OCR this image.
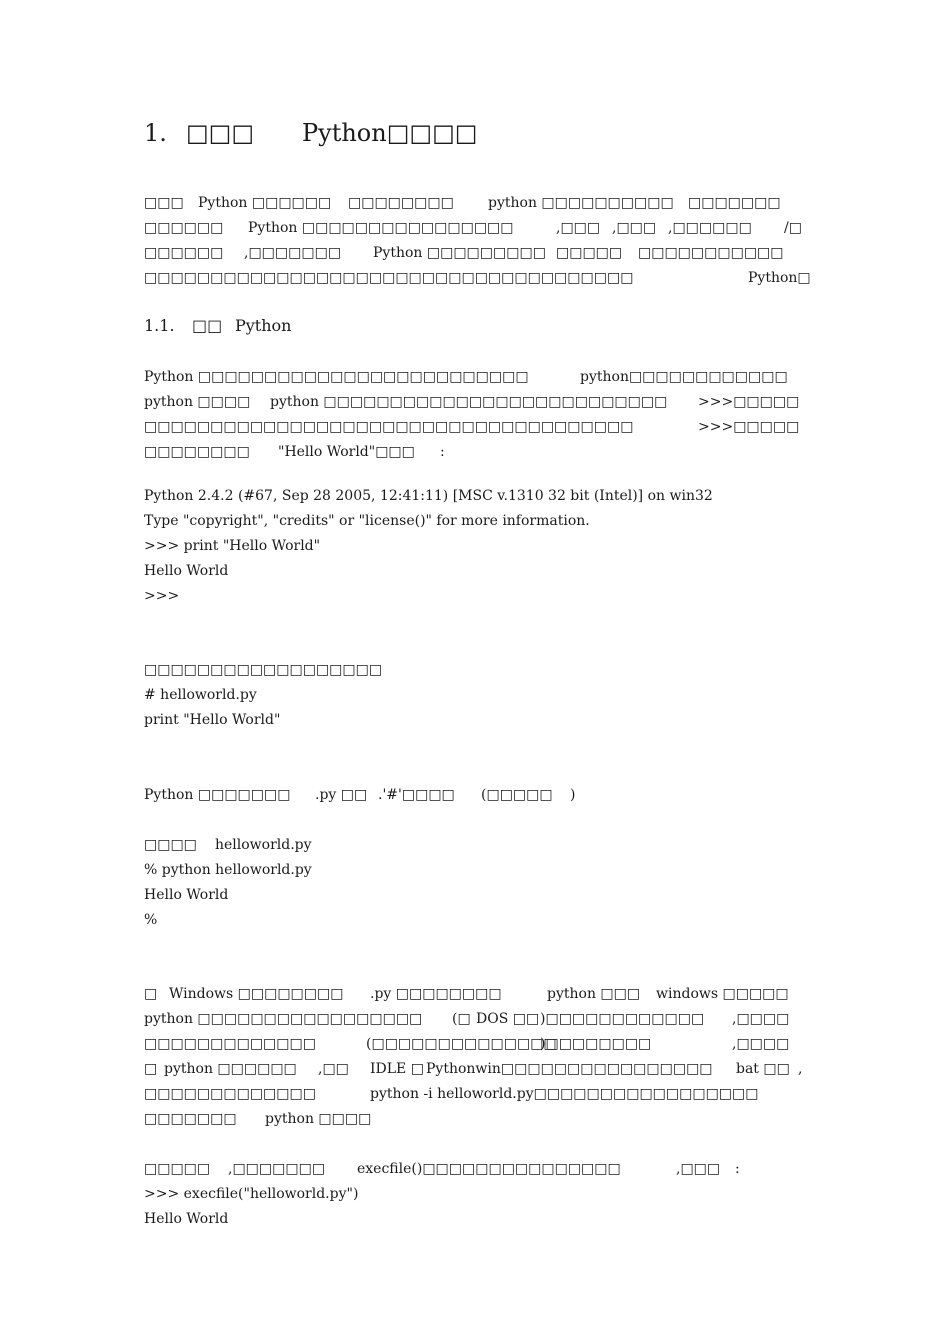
1. □□□ Python□□□□
□□□ Python □□□□□□ □□□□□□□□ python □□□□□□□□□□ □□□□□□□
□□□□□□ Python □□□□□□□□□□□□□□□□	,□□□ ,□□□ ,□□□□□□ /□
□□□□□□ ,□□□□□□□ Python □□□□□□□□□ □□□□□ □□□□□□□□□□□
□□□□□□□□□□□□□□□□□□□□□□□□□□□□□□□□□□□□□	Python□
1.1. □□ Python
Python □□□□□□□□□□□□□□□□□□□□□□□□□	python□□□□□□□□□□□□
python □□□□ python □□□□□□□□□□□□□□□□□□□□□□□□□□ >>>□□□□□
□□□□□□□□□□□□□□□□□□□□□□□□□□□□□□□□□□□□□	>>>□□□□□
□□□□□□□□ "Hello World"□□□ :
Python 2.4.2 (#67, Sep 28 2005, 12:41:11) [MSC v.1310 32 bit (Intel)] on win32
Type "copyright", "credits" or "license()" for more information.
>>> print "Hello World"
Hello World
>>>
□□□□□□□□□□□□□□□□□□
# helloworld.py
print "Hello World"
Python □□□□□□□ .py □□ .'#'□□□□ (□□□□□ )
□□□□ helloworld.py
% python helloworld.py
Hello World
%
□ Windows □□□□□□□□ .py □□□□□□□□	python □□□ windows □□□□□
python □□□□□□□□□□□□□□□□□ (□ DOS □□ )□□□□□□□□□□□□ ,□□□□
□□□□□□□□□□□□□	(□□□□□□□□□□□□□□
)□□□□□□□□	,□□□□
□ python □□□□□□ ,□□ IDLE □ Pythonwin□□□□□□□□□□□□□□□□ bat □□ ,
□□□□□□□□□□□□□	python -i helloworld.py□□□□□□□□□□□□□□□□□
□□□□□□□ python □□□□
□□□□□ ,□□□□□□□ execfile()□□□□□□□□□□□□□□□	,□□□ :
>>> execfile("helloworld.py")
Hello World
